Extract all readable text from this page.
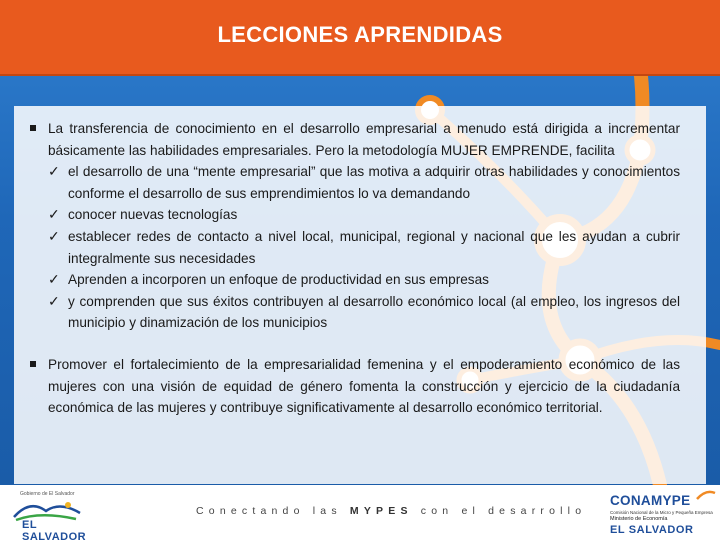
LECCIONES APRENDIDAS
La transferencia de conocimiento en el desarrollo empresarial a menudo está dirigida a incrementar básicamente las habilidades empresariales. Pero la metodología MUJER EMPRENDE, facilita
✓ el desarrollo de una “mente empresarial” que las motiva a adquirir otras habilidades y conocimientos conforme el desarrollo de sus emprendimientos lo va demandando
✓ conocer nuevas tecnologías
✓ establecer redes de contacto a nivel local, municipal, regional y nacional que les ayudan a cubrir integralmente sus necesidades
✓ Aprenden a incorporen un enfoque de productividad en sus empresas
✓ y comprenden que sus éxitos contribuyen al desarrollo económico local (al empleo, los ingresos del municipio y dinamización de los municipios
Promover el fortalecimiento de la empresarialidad femenina y el empoderamiento económico de las mujeres con una visión de equidad de género fomenta la construcción y ejercicio de la ciudadanía económica de las mujeres y contribuye significativamente al desarrollo económico territorial.
Gobierno de El Salvador
EL SALVADOR
Conectando las MYPES con el desarrollo
CONAMYPE
Comisión Nacional de la Micro y Pequeña Empresa
Ministerio de Economía
EL SALVADOR
